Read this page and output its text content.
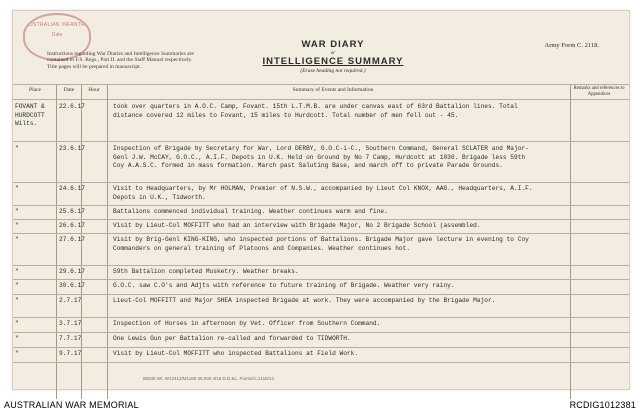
AUSTRALIAN INFANTRY
Date
Instructions regarding War Diaries and Intelligence Summaries are contained in F.S. Regs., Part II. and the Staff Manual respectively. Title pages will be prepared in manuscript.
WAR DIARY
or
INTELLIGENCE SUMMARY
(Erase heading not required.)
Army Form C. 2118.
Place	Date	Hour	Summary of Events and Information	Remarks and references to Appendices
FOVANT &
HURDCOTT
Wilts.
22.6.17	took over quarters in A.O.C. Camp, Fovant. 15th L.T.M.B. are under canvas east of 63rd Battalion lines. Total distance covered 12 miles to Fovant, 15 miles to Hurdcott. Total number of men fell out - 45.
"	23.6.17	Inspection of Brigade by Secretary for War, Lord DERBY, G.O.C-i-C., Southern Command, General SCLATER and Major-Genl J.W. McCAY, G.O.C., A.I.F. Depots in U.K. Held on Ground by No 7 Camp, Hurdcott at 1030. Brigade less 59th Coy A.A.S.C. formed in mass formation. March past Saluting Base, and march off to private Parade Grounds.
"	24.6.17	Visit to Headquarters, by Mr HOLMAN, Premier of N.S.W., accompanied by Lieut Col KNOX, AAG., Headquarters, A.I.F. Depots in U.K., Tidworth.
"	25.6.17	Battalions commenced individual training. Weather continues warm and fine.
"	26.6.17	Visit by Lieut-Col MOFFITT who had an interview with Brigade Major, No 2 Brigade School (assembled.
"	27.6.17	Visit by Brig-Genl KING-KING, who inspected portions of Battalions. Brigade Major gave lecture in evening to Coy Commanders on general training of Platoons and Companies. Weather continues hot.
"	29.6.17	59th Battalion completed Musketry. Weather breaks.
"	30.6.17	G.O.C. saw C.O's and Adjts with reference to future training of Brigade. Weather very rainy.
"	2.7.17	Lieut-Col MOFFITT and Major SHEA inspected Brigade at work. They were accompanied by the Brigade Major.
"	3.7.17	Inspection of Horses in afternoon by Vet. Officer from Southern Command.
"	7.7.17	One Lewis Gun per Battalion re-called and forwarded to TIDWORTH.
"	9.7.17	Visit by Lieut-Col MOFFITT who inspected Battalions at Field Work.
85035 Wt. W12412/M1160 35,000 4/16 D.D.&L. Forms/C.2118/12.
AUSTRALIAN WAR MEMORIAL	RCDIG1012381
